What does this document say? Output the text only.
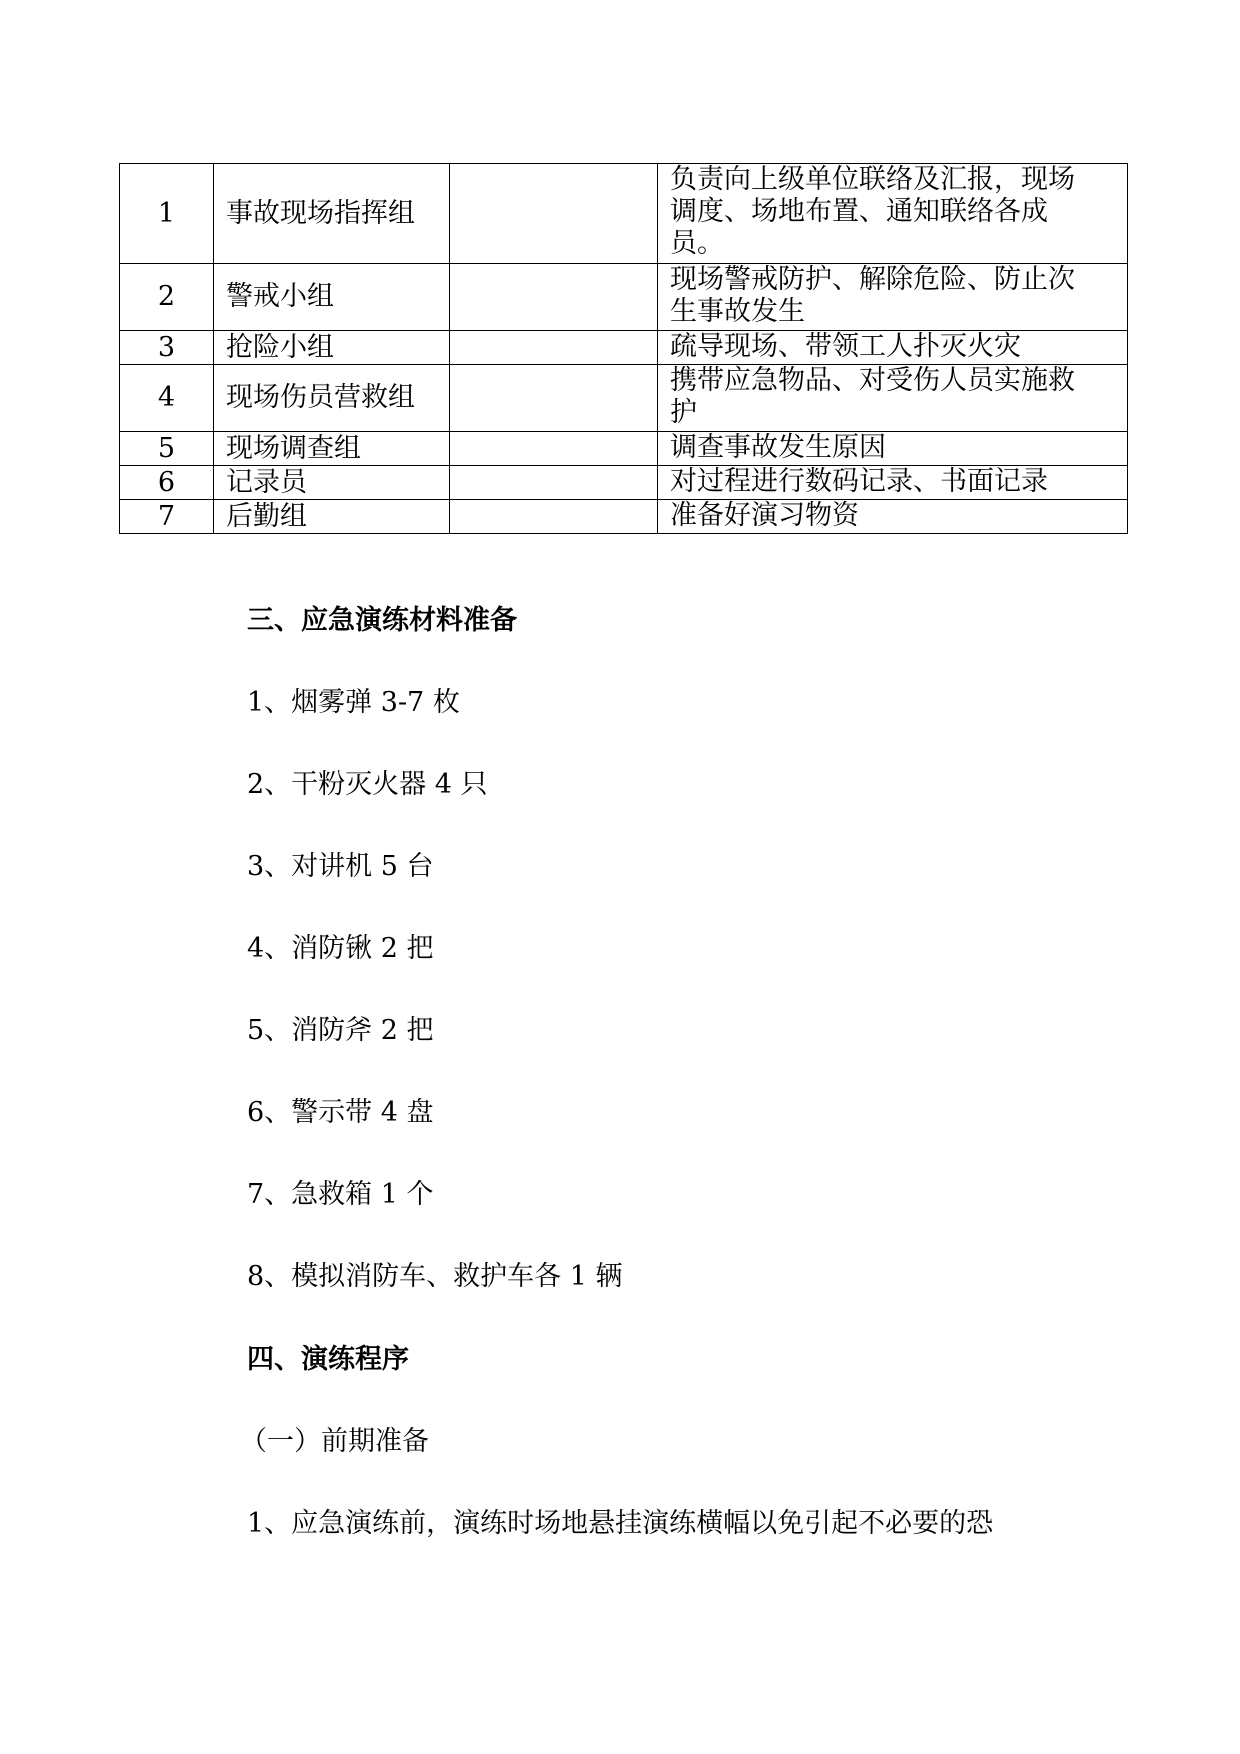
1	事故现场指挥组		负责向上级单位联络及汇报，现场
调度、场地布置、通知联络各成
员。

2	警戒小组		现场警戒防护、解除危险、防止次
生事故发生

3	抢险小组		疏导现场、带领工人扑灭火灾

4	现场伤员营救组		携带应急物品、对受伤人员实施救
护

5	现场调查组		调查事故发生原因

6	记录员		对过程进行数码记录、书面记录

7	后勤组		准备好演习物资

三、应急演练材料准备

1、烟雾弹 3-7 枚

2、干粉灭火器 4 只

3、对讲机 5 台

4、消防锹 2 把

5、消防斧 2 把

6、警示带 4 盘

7、急救箱 1 个

8、模拟消防车、救护车各 1 辆

四、演练程序

（一）前期准备

1、应急演练前，演练时场地悬挂演练横幅以免引起不必要的恐
